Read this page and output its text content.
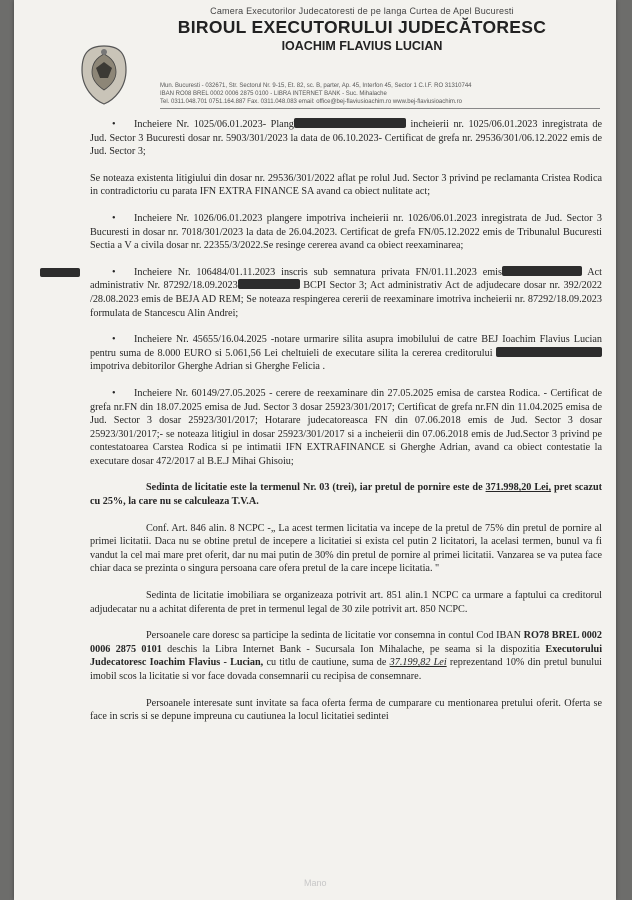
Camera Executorilor Judecatoresti de pe langa Curtea de Apel Bucuresti
BIROUL EXECUTORULUI JUDECĂTORESC
IOACHIM FLAVIUS LUCIAN
Mun. Bucuresti - 032671, Str. Sectorul Nr. 9-15, Et. 82, sc. B, parter, Ap. 45, Interfon 45, Sector 1 C.I.F. RO 31310744
IBAN RO08 BREL 0002 0006 2875 0100 - LIBRA INTERNET BANK - Suc. Mihalache
Tel. 0311.048.701 0751.164.887 Fax. 0311.048.083 email: office@bej-flaviusioachim.ro www.bej-flaviusioachim.ro
• Incheiere Nr. 1025/06.01.2023- Plang	incheierii nr. 1025/06.01.2023 inregistrata de Jud. Sector 3 Bucuresti dosar nr. 5903/301/2023 la data de 06.10.2023- Certificat de grefa nr. 29536/301/06.12.2022 emis de Jud. Sector 3;
Se noteaza existenta litigiului din dosar nr. 29536/301/2022 aflat pe rolul Jud. Sector 3 privind pe reclamanta Cristea Rodica in contradictoriu cu parata IFN EXTRA FINANCE SA avand ca obiect nulitate act;
• Incheiere Nr. 1026/06.01.2023 plangere impotriva incheierii nr. 1026/06.01.2023 inregistrata de Jud. Sector 3 Bucuresti in dosar nr. 7018/301/2023 la data de 26.04.2023. Certificat de grefa FN/05.12.2022 emis de Tribunalul Bucuresti Sectia a V a civila dosar nr. 22355/3/2022.Se resinge cererea avand ca obiect reexaminarea;
• Incheiere Nr. 106484/01.11.2023 inscris sub semnatura privata FN/01.11.2023 emis	Act administrativ Nr. 87292/18.09.2023	BCPI Sector 3; Act administrativ Act de adjudecare dosar nr. 392/2022 /28.08.2023 emis de BEJA AD REM; Se noteaza respingerea cererii de reexaminare imotriva incheierii nr. 87292/18.09.2023 formulata de Stancescu Alin Andrei;
• Incheiere Nr. 45655/16.04.2025 -notare urmarire silita asupra imobilului de catre BEJ Ioachim Flavius Lucian pentru suma de 8.000 EURO si 5.061,56 Lei cheltuieli de executare silita la cererea creditorului  impotriva debitorilor Gherghe Adrian si Gherghe Felicia .
• Incheiere Nr. 60149/27.05.2025 - cerere de reexaminare din 27.05.2025 emisa de carstea Rodica. - Certificat de grefa nr.FN din 18.07.2025 emisa de Jud. Sector 3 dosar 25923/301/2017; Certificat de grefa nr.FN din 11.04.2025 emisa de Jud. Sector 3 dosar 25923/301/2017; Hotarare judecatoreasca FN din 07.06.2018 emis de Jud. Sector 3 dosar 25923/301/2017;- se noteaza litigiul in dosar 25923/301/2017 si a incheierii din 07.06.2018 emis de Jud.Sector 3 privind pe contestatoarea Carstea Rodica si pe intimatii IFN EXTRAFINANCE si Gherghe Adrian, avand ca obiect contestatie la executare dosar 472/2017 al B.E.J Mihai Ghisoiu;
Sedinta de licitatie este la termenul Nr. 03 (trei), iar pretul de pornire este de 371.998,20 Lei, pret scazut cu 25%, la care nu se calculeaza T.V.A.
Conf. Art. 846 alin. 8 NCPC -„ La acest termen licitatia va incepe de la pretul de 75% din pretul de pornire al primei licitatii. Daca nu se obtine pretul de incepere a licitatiei si exista cel putin 2 licitatori, la acelasi termen, bunul va fi vandut la cel mai mare pret oferit, dar nu mai putin de 30% din pretul de pornire al primei licitatii. Vanzarea se va putea face chiar daca se prezinta o singura persoana care ofera pretul de la care incepe licitatia. "
Sedinta de licitatie imobiliara se organizeaza potrivit art. 851 alin.1 NCPC ca urmare a faptului ca creditorul adjudecatar nu a achitat diferenta de pret in termenul legal de 30 zile potrivit art. 850 NCPC.
Persoanele care doresc sa participe la sedinta de licitatie vor consemna in contul Cod IBAN RO78 BREL 0002 0006 2875 0101 deschis la Libra Internet Bank - Sucursala Ion Mihalache, pe seama si la dispozitia Executorului Judecatoresc Ioachim Flavius - Lucian, cu titlu de cautiune, suma de 37.199,82 Lei reprezentand 10% din pretul bunului imobil scos la licitatie si vor face dovada consemnarii cu recipisa de consemnare.
Persoanele interesate sunt invitate sa faca oferta ferma de cumparare cu mentionarea pretului oferit. Oferta se face in scris si se depune impreuna cu cautiunea la locul licitatiei sedintei
Mano
